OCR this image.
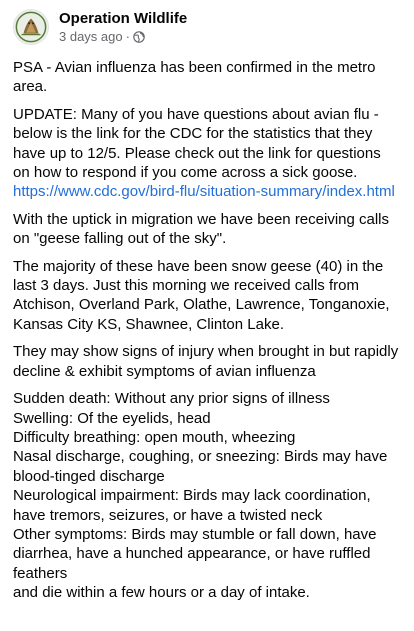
Operation Wildlife
3 days ago ·
PSA - Avian influenza has been confirmed in the metro area.
UPDATE: Many of you have questions about avian flu - below is the link for the CDC for the statistics that they have up to 12/5. Please check out the link for questions on how to respond if you come across a sick goose.
https://www.cdc.gov/bird-flu/situation-summary/index.html
With the uptick in migration we have been receiving calls on "geese falling out of the sky".
The majority of these have been snow geese (40) in the last 3 days. Just this morning we received calls from Atchison, Overland Park, Olathe, Lawrence, Tonganoxie, Kansas City KS, Shawnee, Clinton Lake.
They may show signs of injury when brought in but rapidly decline & exhibit symptoms of avian influenza
Sudden death: Without any prior signs of illness
Swelling: Of the eyelids, head
Difficulty breathing: open mouth, wheezing
Nasal discharge, coughing, or sneezing: Birds may have blood-tinged discharge
Neurological impairment: Birds may lack coordination, have tremors, seizures, or have a twisted neck
Other symptoms: Birds may stumble or fall down, have diarrhea, have a hunched appearance, or have ruffled feathers
and die within a few hours or a day of intake.
